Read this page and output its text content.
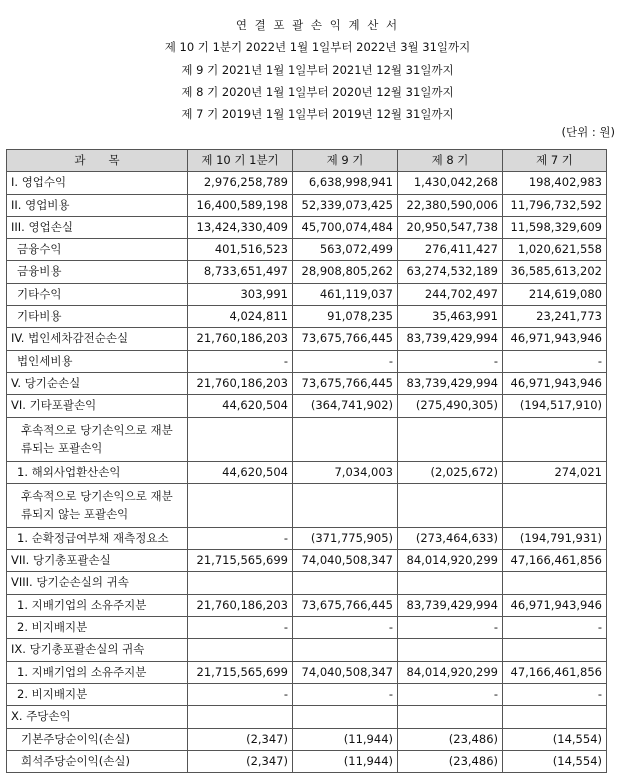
연 결 포 괄 손 익 계 산 서
제 10 기 1분기 2022년 1월 1일부터 2022년 3월 31일까지
제 9 기 2021년 1월 1일부터 2021년 12월 31일까지
제 8 기 2020년 1월 1일부터 2020년 12월 31일까지
제 7 기 2019년 1월 1일부터 2019년 12월 31일까지
(단위 : 원)
과　　목	제 10 기 1분기	제 9 기	제 8 기	제 7 기
I. 영업수익	2,976,258,789	6,638,998,941	1,430,042,268	198,402,983
II. 영업비용	16,400,589,198	52,339,073,425	22,380,590,006	11,796,732,592
III. 영업손실	13,424,330,409	45,700,074,484	20,950,547,738	11,598,329,609
금융수익	401,516,523	563,072,499	276,411,427	1,020,621,558
금융비용	8,733,651,497	28,908,805,262	63,274,532,189	36,585,613,202
기타수익	303,991	461,119,037	244,702,497	214,619,080
기타비용	4,024,811	91,078,235	35,463,991	23,241,773
IV. 법인세차감전순손실	21,760,186,203	73,675,766,445	83,739,429,994	46,971,943,946
법인세비용	-	-	-	-
V. 당기순손실	21,760,186,203	73,675,766,445	83,739,429,994	46,971,943,946
VI. 기타포괄손익	44,620,504	(364,741,902)	(275,490,305)	(194,517,910)
후속적으로 당기손익으로 재분류되는 포괄손익				
1. 해외사업환산손익	44,620,504	7,034,003	(2,025,672)	274,021
후속적으로 당기손익으로 재분류되지 않는 포괄손익				
1. 순확정급여부채 재측정요소	-	(371,775,905)	(273,464,633)	(194,791,931)
VII. 당기총포괄손실	21,715,565,699	74,040,508,347	84,014,920,299	47,166,461,856
VIII. 당기순손실의 귀속				
1. 지배기업의 소유주지분	21,760,186,203	73,675,766,445	83,739,429,994	46,971,943,946
2. 비지배지분	-	-	-	-
IX. 당기총포괄손실의 귀속				
1. 지배기업의 소유주지분	21,715,565,699	74,040,508,347	84,014,920,299	47,166,461,856
2. 비지배지분	-	-	-	-
X. 주당손익				
기본주당순이익(손실)	(2,347)	(11,944)	(23,486)	(14,554)
희석주당순이익(손실)	(2,347)	(11,944)	(23,486)	(14,554)
